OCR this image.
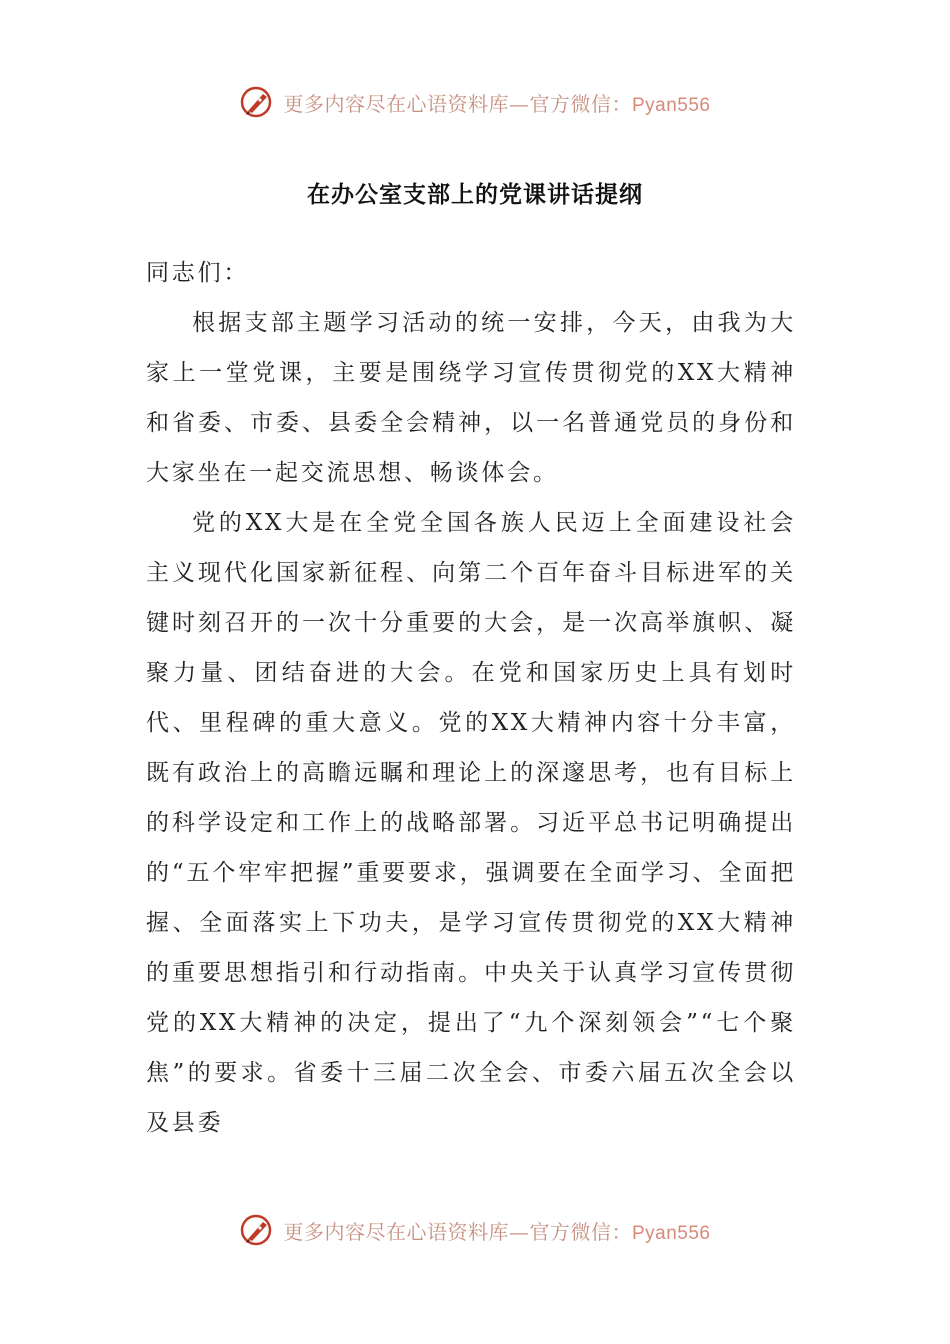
更多内容尽在心语资料库—官方微信：Pyan556
在办公室支部上的党课讲话提纲

同志们：

根据支部主题学习活动的统一安排，今天，由我为大家上一堂党课，主要是围绕学习宣传贯彻党的XX大精神和省委、市委、县委全会精神，以一名普通党员的身份和大家坐在一起交流思想、畅谈体会。

党的XX大是在全党全国各族人民迈上全面建设社会主义现代化国家新征程、向第二个百年奋斗目标进军的关键时刻召开的一次十分重要的大会，是一次高举旗帜、凝聚力量、团结奋进的大会。在党和国家历史上具有划时代、里程碑的重大意义。党的XX大精神内容十分丰富，既有政治上的高瞻远瞩和理论上的深邃思考，也有目标上的科学设定和工作上的战略部署。习近平总书记明确提出的“五个牢牢把握”重要要求，强调要在全面学习、全面把握、全面落实上下功夫，是学习宣传贯彻党的XX大精神的重要思想指引和行动指南。中央关于认真学习宣传贯彻党的XX大精神的决定，提出了“九个深刻领会”“七个聚焦”的要求。省委十三届二次全会、市委六届五次全会以及县委

更多内容尽在心语资料库—官方微信：Pyan556
